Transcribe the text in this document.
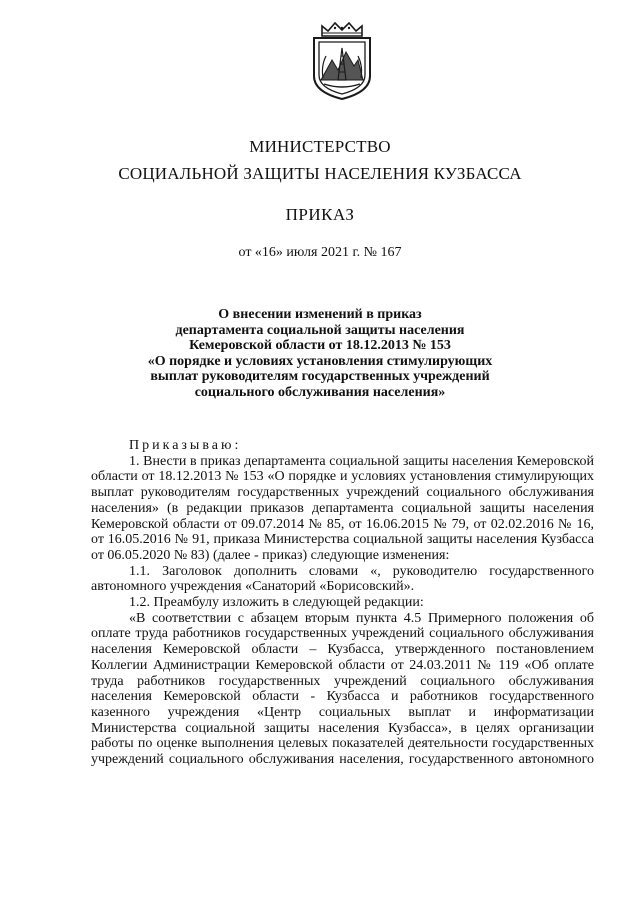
МИНИСТЕРСТВО
СОЦИАЛЬНОЙ ЗАЩИТЫ НАСЕЛЕНИЯ КУЗБАССА
ПРИКАЗ
от «16» июля 2021 г. № 167
О внесении изменений в приказ
департамента социальной защиты населения
Кемеровской области от 18.12.2013 № 153
«О порядке и условиях установления стимулирующих
выплат руководителям государственных учреждений
социального обслуживания населения»

Приказываю:

1. Внести в приказ департамента социальной защиты населения Кемеровской области от 18.12.2013 № 153 «О порядке и условиях установления стимулирующих выплат руководителям государственных учреждений социального обслуживания населения» (в редакции приказов департамента социальной защиты населения Кемеровской области от 09.07.2014 № 85, от 16.06.2015 № 79, от 02.02.2016 № 16, от 16.05.2016 № 91, приказа Министерства социальной защиты населения Кузбасса от 06.05.2020 № 83) (далее - приказ) следующие изменения:

1.1. Заголовок дополнить словами «, руководителю государственного автономного учреждения «Санаторий «Борисовский».

1.2. Преамбулу изложить в следующей редакции:

«В соответствии с абзацем вторым пункта 4.5 Примерного положения об оплате труда работников государственных учреждений социального обслуживания населения Кемеровской области – Кузбасса, утвержденного постановлением Коллегии Администрации Кемеровской области от 24.03.2011 № 119 «Об оплате труда работников государственных учреждений социального обслуживания населения Кемеровской области - Кузбасса и работников государственного казенного учреждения «Центр социальных выплат и информатизации Министерства социальной защиты населения Кузбасса», в целях организации работы по оценке выполнения целевых показателей деятельности государственных учреждений социального обслуживания населения, государственного автономного
